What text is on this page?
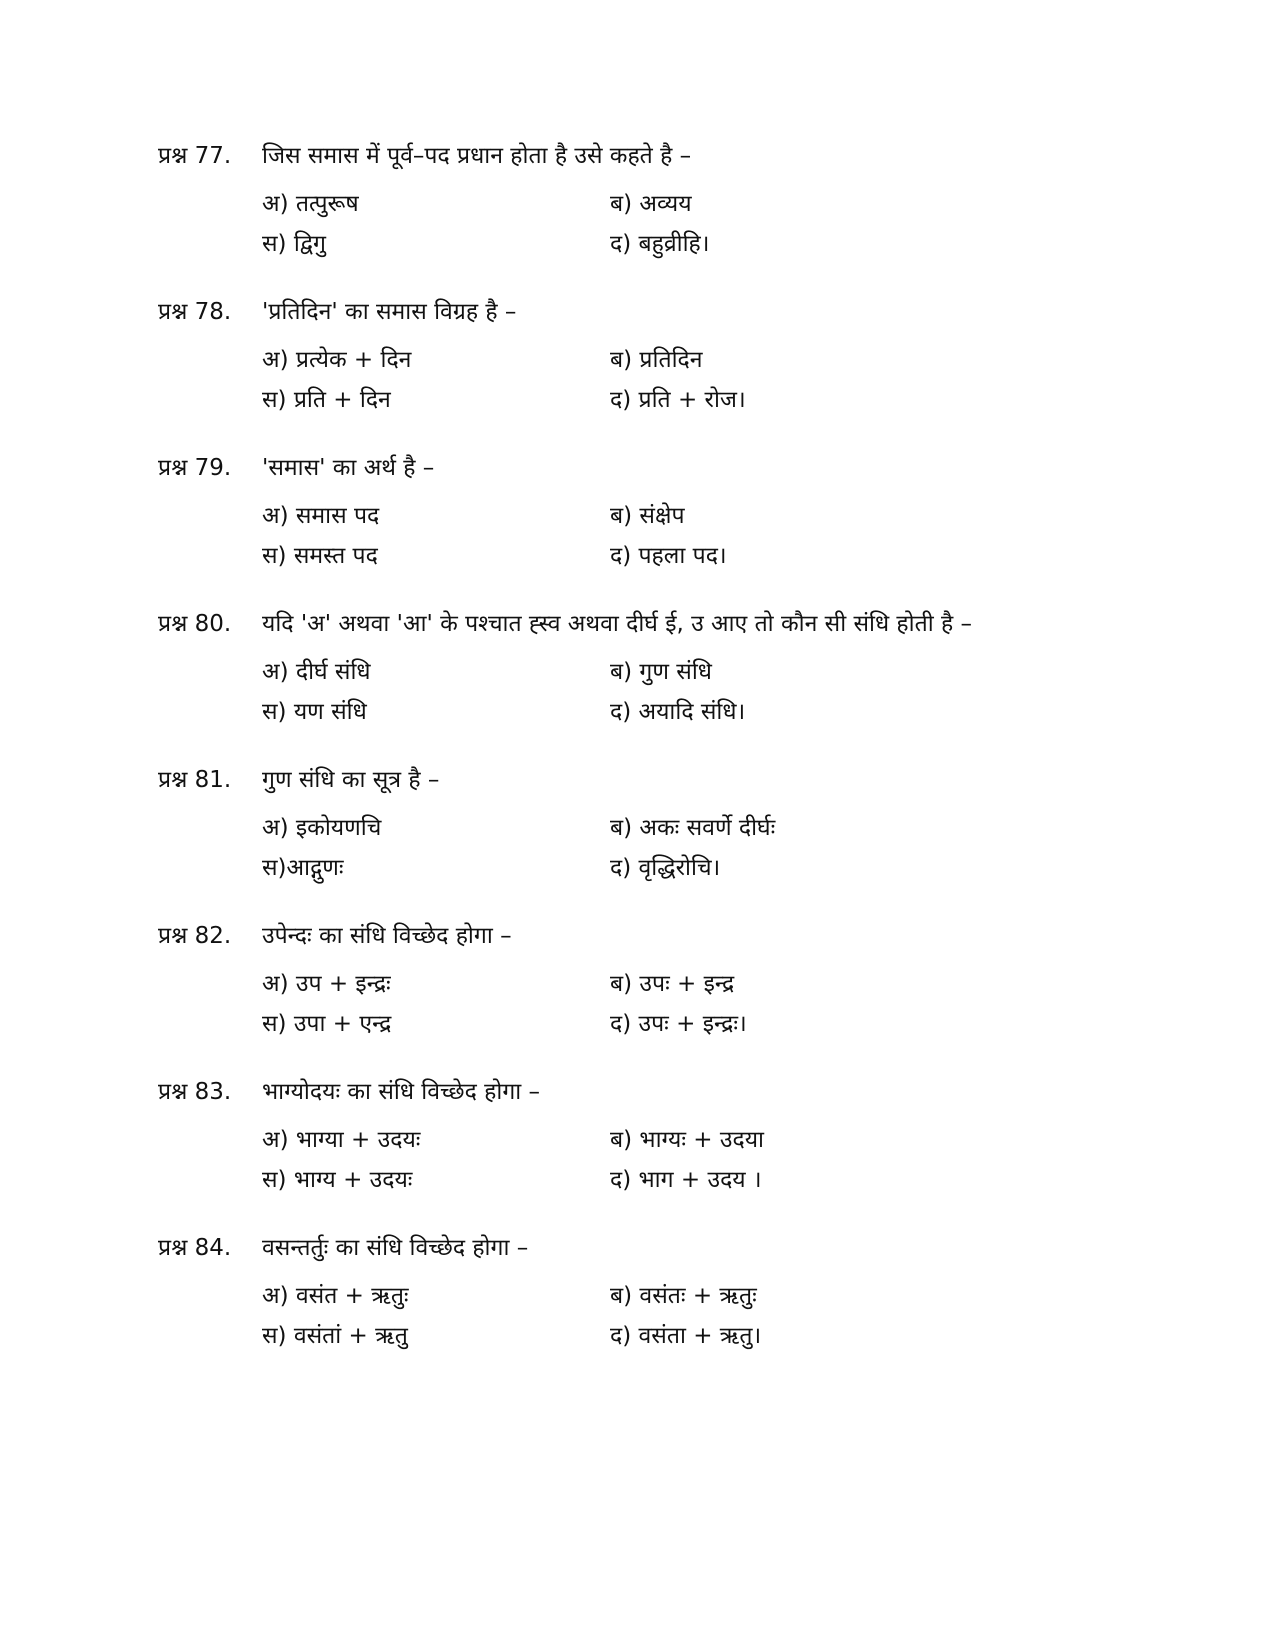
प्रश्न 77. जिस समास में पूर्व–पद प्रधान होता है उसे कहते है –
अ) तत्पुरूष	ब) अव्यय
स) द्विगु	द) बहुव्रीहि।
प्रश्न 78. 'प्रतिदिन' का समास विग्रह है –
अ) प्रत्येक + दिन	ब) प्रतिदिन
स) प्रति + दिन	द) प्रति + रोज।
प्रश्न 79. 'समास' का अर्थ है –
अ) समास पद	ब) संक्षेप
स) समस्त पद	द) पहला पद।
प्रश्न 80. यदि 'अ' अथवा 'आ' के पश्चात ह्स्व अथवा दीर्घ ई, उ आए तो कौन सी संधि होती है –
अ) दीर्घ संधि	ब) गुण संधि
स) यण संधि	द) अयादि संधि।
प्रश्न 81. गुण संधि का सूत्र है –
अ) इकोयणचि	ब) अकः सवर्णे दीर्घः
स)आद्गुणः	द) वृद्धिरोचि।
प्रश्न 82. उपेन्दः का संधि विच्छेद होगा –
अ) उप + इन्द्रः	ब) उपः + इन्द्र
स) उपा + एन्द्र	द) उपः + इन्द्रः।
प्रश्न 83. भाग्योदयः का संधि विच्छेद होगा –
अ) भाग्या + उदयः	ब) भाग्यः + उदया
स) भाग्य + उदयः	द) भाग + उदय ।
प्रश्न 84. वसन्तर्तुः का संधि विच्छेद होगा –
अ) वसंत + ऋतुः	ब) वसंतः + ऋतुः
स) वसंतां + ऋतु	द) वसंता + ऋतु।
